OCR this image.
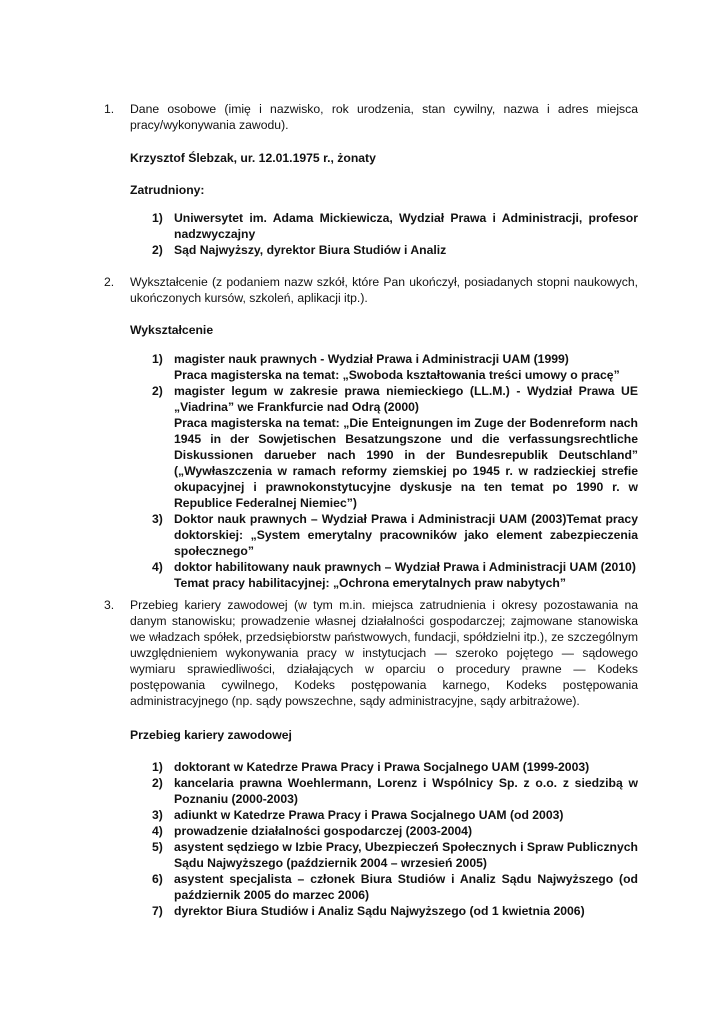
1.	Dane osobowe (imię i nazwisko, rok urodzenia, stan cywilny, nazwa i adres miejsca pracy/wykonywania zawodu).
Krzysztof Ślebzak, ur. 12.01.1975 r., żonaty
Zatrudniony:
1) Uniwersytet im. Adama Mickiewicza, Wydział Prawa i Administracji, profesor nadzwyczajny
2) Sąd Najwyższy, dyrektor Biura Studiów i Analiz
2.	Wykształcenie (z podaniem nazw szkół, które Pan ukończył, posiadanych stopni naukowych, ukończonych kursów, szkoleń, aplikacji itp.).
Wykształcenie
1) magister nauk prawnych - Wydział Prawa i Administracji UAM (1999)
Praca magisterska na temat: „Swoboda kształtowania treści umowy o pracę”
2) magister legum w zakresie prawa niemieckiego (LL.M.) - Wydział Prawa UE „Viadrina” we Frankfurcie nad Odrą (2000)
Praca magisterska na temat: „Die Enteignungen im Zuge der Bodenreform nach 1945 in der Sowjetischen Besatzungszone und die verfassungsrechtliche Diskussionen darueber nach 1990 in der Bundesrepublik Deutschland” („Wywłaszczenia w ramach reformy ziemskiej po 1945 r. w radzieckiej strefie okupacyjnej i prawnokonstytucyjne dyskusje na ten temat po 1990 r. w Republice Federalnej Niemiec”)
3) Doktor nauk prawnych – Wydział Prawa i Administracji UAM (2003)Temat pracy doktorskiej: „System emerytalny pracowników jako element zabezpieczenia społecznego”
4) doktor habilitowany nauk prawnych – Wydział Prawa i Administracji UAM (2010)
Temat pracy habilitacyjnej: „Ochrona emerytalnych praw nabytych”
3.	Przebieg kariery zawodowej (w tym m.in. miejsca zatrudnienia i okresy pozostawania na danym stanowisku; prowadzenie własnej działalności gospodarczej; zajmowane stanowiska we władzach spółek, przedsiębiorstw państwowych, fundacji, spółdzielni itp.), ze szczególnym uwzględnieniem wykonywania pracy w instytucjach — szeroko pojętego — sądowego wymiaru sprawiedliwości, działających w oparciu o procedury prawne — Kodeks postępowania cywilnego, Kodeks postępowania karnego, Kodeks postępowania administracyjnego (np. sądy powszechne, sądy administracyjne, sądy arbitrażowe).
Przebieg kariery zawodowej
1) doktorant w Katedrze Prawa Pracy i Prawa Socjalnego UAM (1999-2003)
2) kancelaria prawna Woehlermann, Lorenz i Wspólnicy Sp. z o.o. z siedzibą w Poznaniu (2000-2003)
3) adiunkt w Katedrze Prawa Pracy i Prawa Socjalnego UAM (od 2003)
4) prowadzenie działalności gospodarczej (2003-2004)
5) asystent sędziego w Izbie Pracy, Ubezpieczeń Społecznych i Spraw Publicznych Sądu Najwyższego (październik 2004 – wrzesień 2005)
6) asystent specjalista – członek Biura Studiów i Analiz Sądu Najwyższego (od październik 2005 do marzec 2006)
7) dyrektor Biura Studiów i Analiz Sądu Najwyższego (od 1 kwietnia 2006)
